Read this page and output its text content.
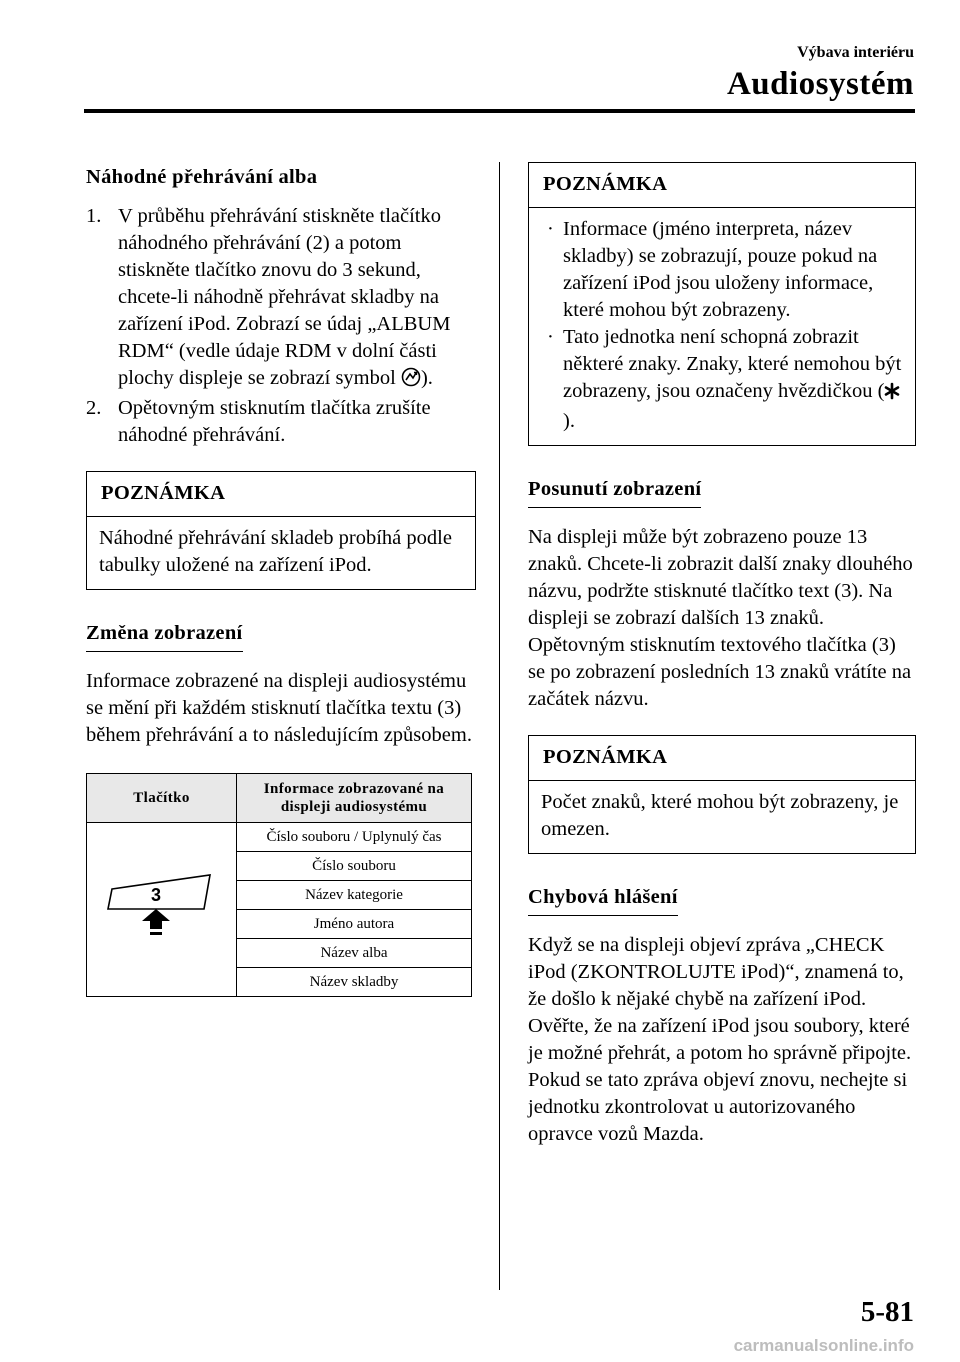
Výbava interiéru
Audiosystém
Náhodné přehrávání alba
1. V průběhu přehrávání stiskněte tlačítko náhodného přehrávání (2) a potom stiskněte tlačítko znovu do 3 sekund, chcete-li náhodně přehrávat skladby na zařízení iPod. Zobrazí se údaj „ALBUM RDM“ (vedle údaje RDM v dolní části plochy displeje se zobrazí symbol ).
2. Opětovným stisknutím tlačítka zrušíte náhodné přehrávání.
POZNÁMKA
Náhodné přehrávání skladeb probíhá podle tabulky uložené na zařízení iPod.
Změna zobrazení

Informace zobrazené na displeji audiosystému se mění při každém stisknutí tlačítka textu (3) během přehrávání a to následujícím způsobem.

Tlačítko	Informace zobrazované na displeji audiosystému

3	Číslo souboru / Uplynulý čas
	Číslo souboru
	Název kategorie
	Jméno autora
	Název alba
	Název skladby
POZNÁMKA
· Informace (jméno interpreta, název skladby) se zobrazují, pouze pokud na zařízení iPod jsou uloženy informace, které mohou být zobrazeny.
· Tato jednotka není schopná zobrazit některé znaky. Znaky, které nemohou být zobrazeny, jsou označeny hvězdičkou ().
Posunutí zobrazení

Na displeji může být zobrazeno pouze 13 znaků. Chcete-li zobrazit další znaky dlouhého názvu, podržte stisknuté tlačítko text (3). Na displeji se zobrazí dalších 13 znaků. Opětovným stisknutím textového tlačítka (3) se po zobrazení posledních 13 znaků vrátíte na začátek názvu.

POZNÁMKA
Počet znaků, které mohou být zobrazeny, je omezen.
Chybová hlášení

Když se na displeji objeví zpráva „CHECK iPod (ZKONTROLUJTE iPod)“, znamená to, že došlo k nějaké chybě na zařízení iPod. Ověřte, že na zařízení iPod jsou soubory, které je možné přehrát, a potom ho správně připojte. Pokud se tato zpráva objeví znovu, nechejte si jednotku zkontrolovat u autorizovaného opravce vozů Mazda.

5-81
carmanualsonline.info
